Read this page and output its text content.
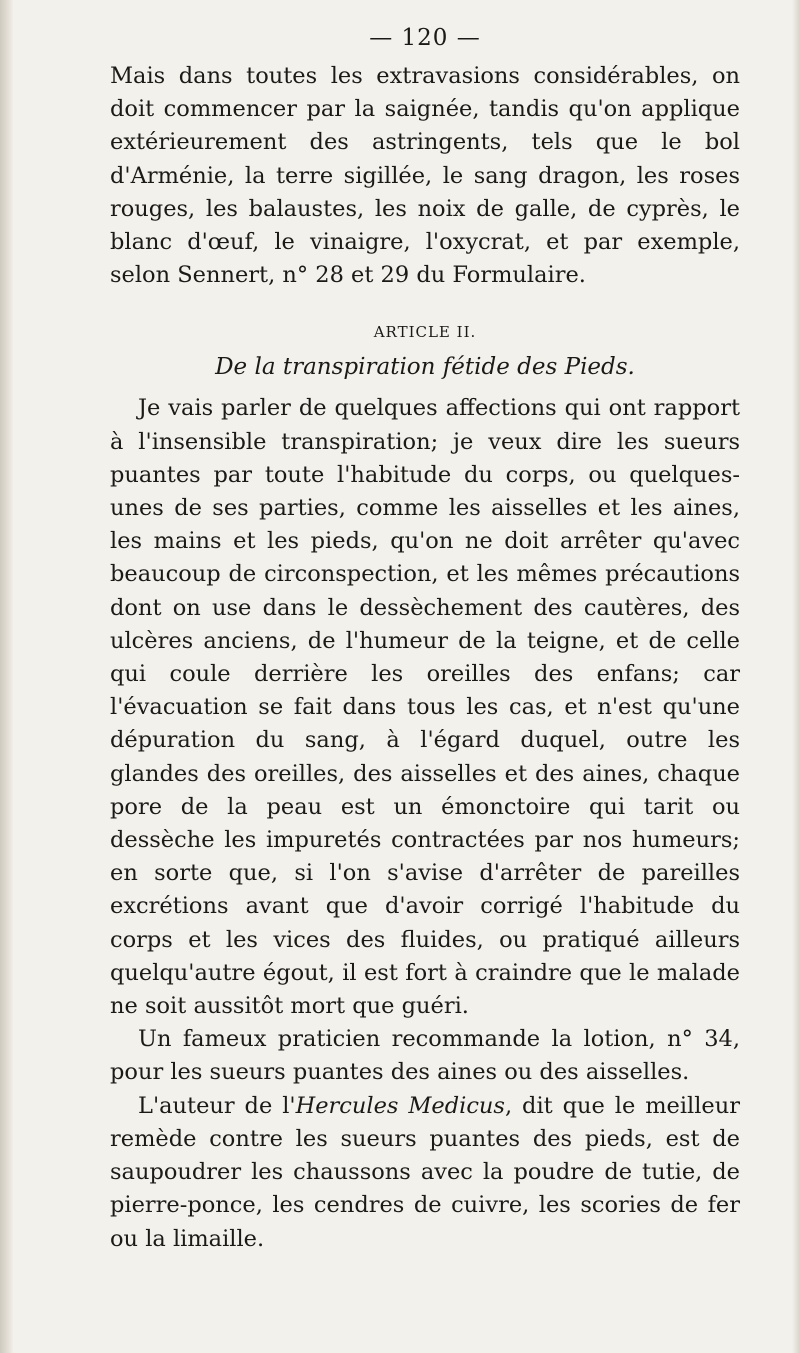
— 120 —

Mais dans toutes les extravasions considérables, on doit commencer par la saignée, tandis qu'on applique extérieurement des astringents, tels que le bol d'Arménie, la terre sigillée, le sang dragon, les roses rouges, les balaustes, les noix de galle, de cyprès, le blanc d'œuf, le vinaigre, l'oxycrat, et par exemple, selon Sennert, n° 28 et 29 du Formulaire.

ARTICLE II.
De la transpiration fétide des Pieds.

Je vais parler de quelques affections qui ont rapport à l'insensible transpiration; je veux dire les sueurs puantes par toute l'habitude du corps, ou quelques-unes de ses parties, comme les aisselles et les aines, les mains et les pieds, qu'on ne doit arrêter qu'avec beaucoup de circonspection, et les mêmes précautions dont on use dans le dessèchement des cautères, des ulcères anciens, de l'humeur de la teigne, et de celle qui coule derrière les oreilles des enfans; car l'évacuation se fait dans tous les cas, et n'est qu'une dépuration du sang, à l'égard duquel, outre les glandes des oreilles, des aisselles et des aines, chaque pore de la peau est un émonctoire qui tarit ou dessèche les impuretés contractées par nos humeurs; en sorte que, si l'on s'avise d'arrêter de pareilles excrétions avant que d'avoir corrigé l'habitude du corps et les vices des fluides, ou pratiqué ailleurs quelqu'autre égout, il est fort à craindre que le malade ne soit aussitôt mort que guéri.

Un fameux praticien recommande la lotion, n° 34, pour les sueurs puantes des aines ou des aisselles.

L'auteur de l'Hercules Medicus, dit que le meilleur remède contre les sueurs puantes des pieds, est de saupoudrer les chaussons avec la poudre de tutie, de pierre-ponce, les cendres de cuivre, les scories de fer ou la limaille.
